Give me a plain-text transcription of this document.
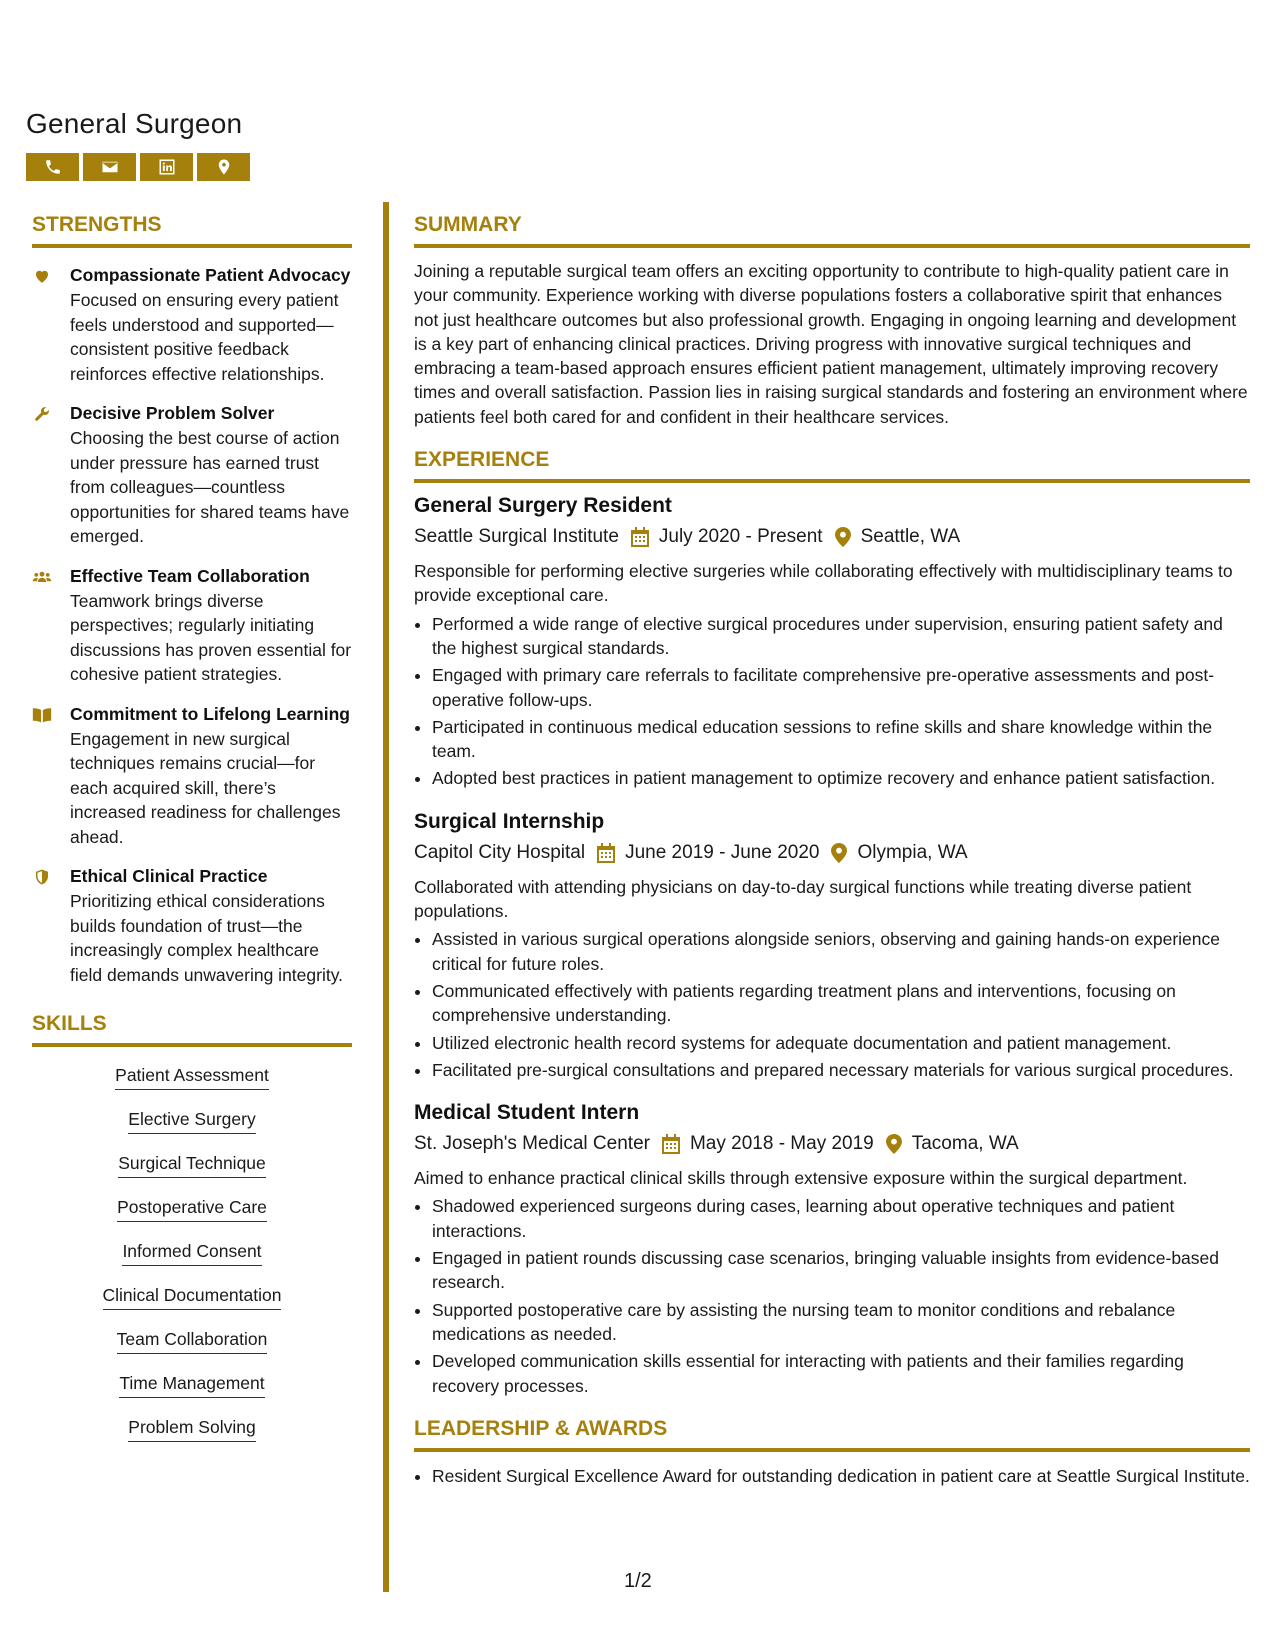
General Surgeon
STRENGTHS
Compassionate Patient Advocacy
Focused on ensuring every patient feels understood and supported—consistent positive feedback reinforces effective relationships.
Decisive Problem Solver
Choosing the best course of action under pressure has earned trust from colleagues—countless opportunities for shared teams have emerged.
Effective Team Collaboration
Teamwork brings diverse perspectives; regularly initiating discussions has proven essential for cohesive patient strategies.
Commitment to Lifelong Learning
Engagement in new surgical techniques remains crucial—for each acquired skill, there’s increased readiness for challenges ahead.
Ethical Clinical Practice
Prioritizing ethical considerations builds foundation of trust—the increasingly complex healthcare field demands unwavering integrity.
SKILLS
Patient Assessment
Elective Surgery
Surgical Technique
Postoperative Care
Informed Consent
Clinical Documentation
Team Collaboration
Time Management
Problem Solving
SUMMARY
Joining a reputable surgical team offers an exciting opportunity to contribute to high-quality patient care in your community. Experience working with diverse populations fosters a collaborative spirit that enhances not just healthcare outcomes but also professional growth. Engaging in ongoing learning and development is a key part of enhancing clinical practices. Driving progress with innovative surgical techniques and embracing a team-based approach ensures efficient patient management, ultimately improving recovery times and overall satisfaction. Passion lies in raising surgical standards and fostering an environment where patients feel both cared for and confident in their healthcare services.
EXPERIENCE
General Surgery Resident
Seattle Surgical Institute July 2020 - Present Seattle, WA
Responsible for performing elective surgeries while collaborating effectively with multidisciplinary teams to provide exceptional care.
• Performed a wide range of elective surgical procedures under supervision, ensuring patient safety and the highest surgical standards.
• Engaged with primary care referrals to facilitate comprehensive pre-operative assessments and post-operative follow-ups.
• Participated in continuous medical education sessions to refine skills and share knowledge within the team.
• Adopted best practices in patient management to optimize recovery and enhance patient satisfaction.
Surgical Internship
Capitol City Hospital June 2019 - June 2020 Olympia, WA
Collaborated with attending physicians on day-to-day surgical functions while treating diverse patient populations.
• Assisted in various surgical operations alongside seniors, observing and gaining hands-on experience critical for future roles.
• Communicated effectively with patients regarding treatment plans and interventions, focusing on comprehensive understanding.
• Utilized electronic health record systems for adequate documentation and patient management.
• Facilitated pre-surgical consultations and prepared necessary materials for various surgical procedures.
Medical Student Intern
St. Joseph's Medical Center May 2018 - May 2019 Tacoma, WA
Aimed to enhance practical clinical skills through extensive exposure within the surgical department.
• Shadowed experienced surgeons during cases, learning about operative techniques and patient interactions.
• Engaged in patient rounds discussing case scenarios, bringing valuable insights from evidence-based research.
• Supported postoperative care by assisting the nursing team to monitor conditions and rebalance medications as needed.
• Developed communication skills essential for interacting with patients and their families regarding recovery processes.
LEADERSHIP & AWARDS
• Resident Surgical Excellence Award for outstanding dedication in patient care at Seattle Surgical Institute.
1/2
